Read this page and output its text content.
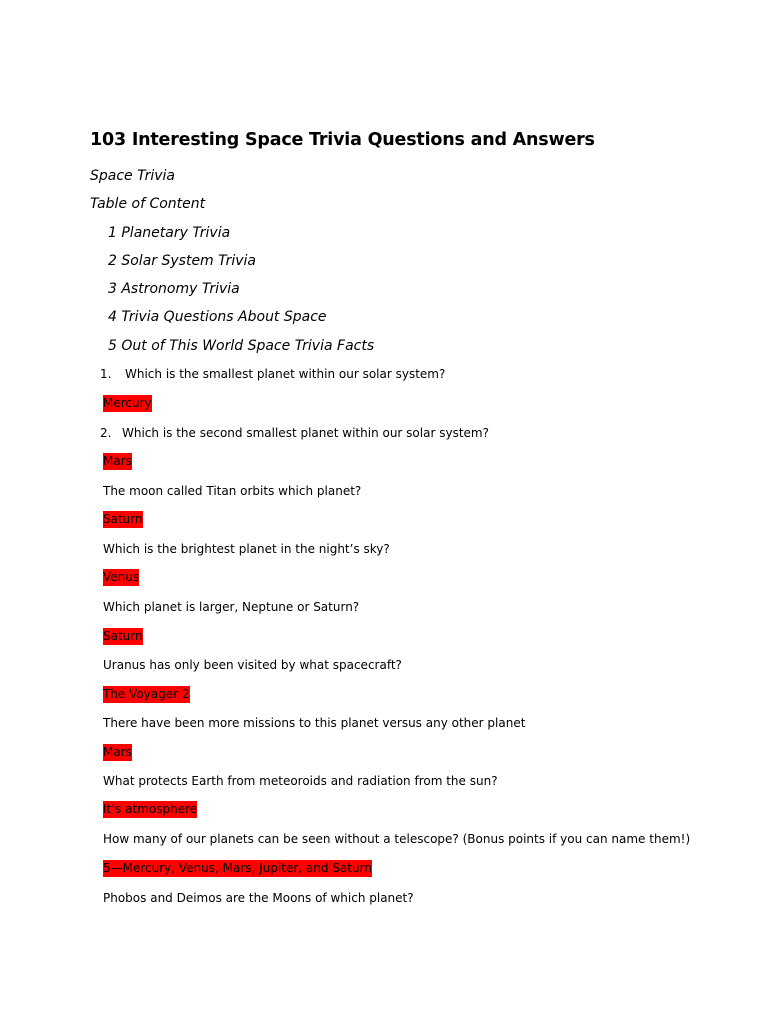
103 Interesting Space Trivia Questions and Answers
Space Trivia
Table of Content
1 Planetary Trivia
2 Solar System Trivia
3 Astronomy Trivia
4 Trivia Questions About Space
5 Out of This World Space Trivia Facts
1. Which is the smallest planet within our solar system?
Mercury
2. Which is the second smallest planet within our solar system?
Mars
The moon called Titan orbits which planet?
Saturn
Which is the brightest planet in the night’s sky?
Venus
Which planet is larger, Neptune or Saturn?
Saturn
Uranus has only been visited by what spacecraft?
The Voyager 2
There have been more missions to this planet versus any other planet
Mars
What protects Earth from meteoroids and radiation from the sun?
It’s atmosphere
How many of our planets can be seen without a telescope? (Bonus points if you can name them!)
5—Mercury, Venus, Mars, Jupiter, and Saturn
Phobos and Deimos are the Moons of which planet?
